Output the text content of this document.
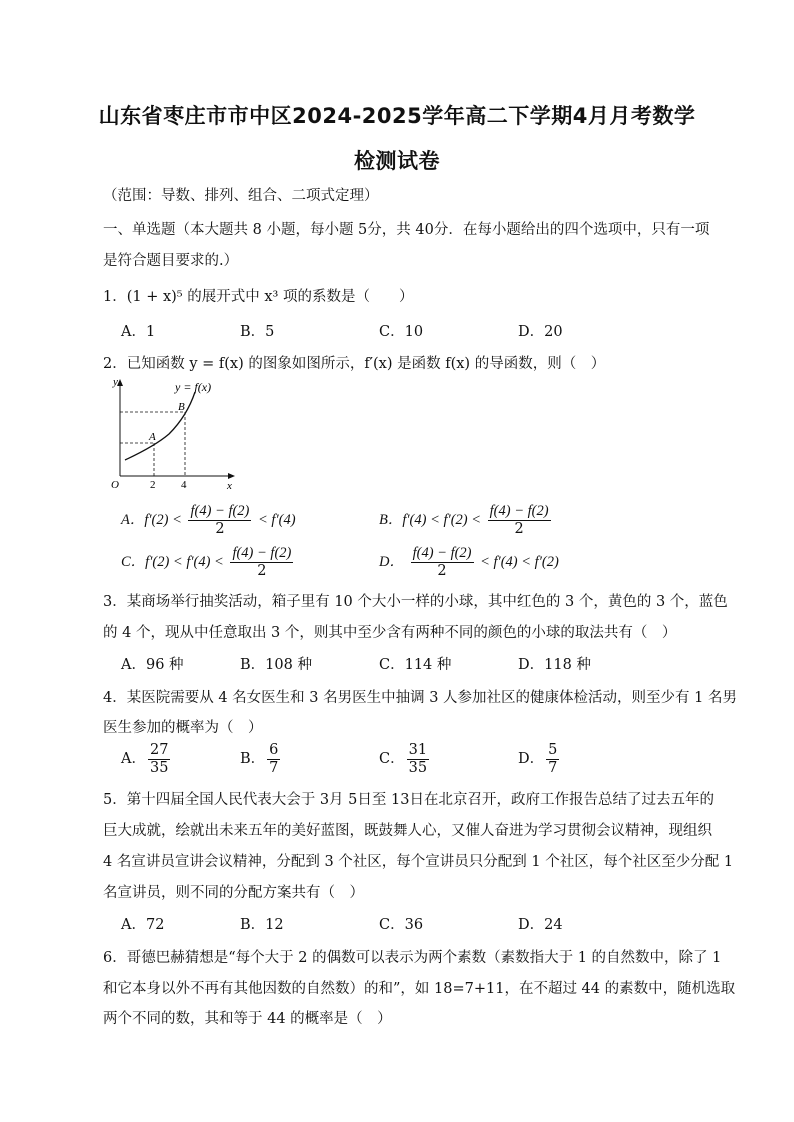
山东省枣庄市市中区2024-2025学年高二下学期4月月考数学
检测试卷
（范围：导数、排列、组合、二项式定理）
一、单选题（本大题共 8 小题，每小题 5分，共 40分．在每小题给出的四个选项中，只有一项
是符合题目要求的.）
1．(1 + x)⁵ 的展开式中 x³ 项的系数是（　　）
A．1	B．5	C．10	D．20
2．已知函数 y = f(x) 的图象如图所示，f′(x) 是函数 f(x) 的导函数，则（　）
y = f(x)
y
x
O
A
B
2 4
A．$f'(2) < \frac{f(4) - f(2)}{2} < f'(4)$	B．$f'(4) < f'(2) < \frac{f(4) - f(2)}{2}$
C．$f'(2) < f'(4) < \frac{f(4) - f(2)}{2}$	D． $\frac{f(4) - f(2)}{2} < f'(4) < f'(2)$
3．某商场举行抽奖活动，箱子里有 10 个大小一样的小球，其中红色的 3 个，黄色的 3 个，蓝色
的 4 个，现从中任意取出 3 个，则其中至少含有两种不同的颜色的小球的取法共有（　）
A．96 种	B．108 种	C．114 种	D．118 种
4．某医院需要从 4 名女医生和 3 名男医生中抽调 3 人参加社区的健康体检活动，则至少有 1 名男
医生参加的概率为（　）
A． $\frac{27}{35}$	B． $\frac{6}{7}$	C． $\frac{31}{35}$	D． $\frac{5}{7}$
5．第十四届全国人民代表大会于 3月 5日至 13日在北京召开，政府工作报告总结了过去五年的
巨大成就，绘就出未来五年的美好蓝图，既鼓舞人心，又催人奋进为学习贯彻会议精神，现组织
4 名宣讲员宣讲会议精神，分配到 3 个社区，每个宣讲员只分配到 1 个社区，每个社区至少分配 1
名宣讲员，则不同的分配方案共有（　）
A．72	B．12	C．36	D．24
6．哥德巴赫猜想是“每个大于 2 的偶数可以表示为两个素数（素数指大于 1 的自然数中，除了 1
和它本身以外不再有其他因数的自然数）的和”，如 18=7+11，在不超过 44 的素数中，随机选取
两个不同的数，其和等于 44 的概率是（　）
